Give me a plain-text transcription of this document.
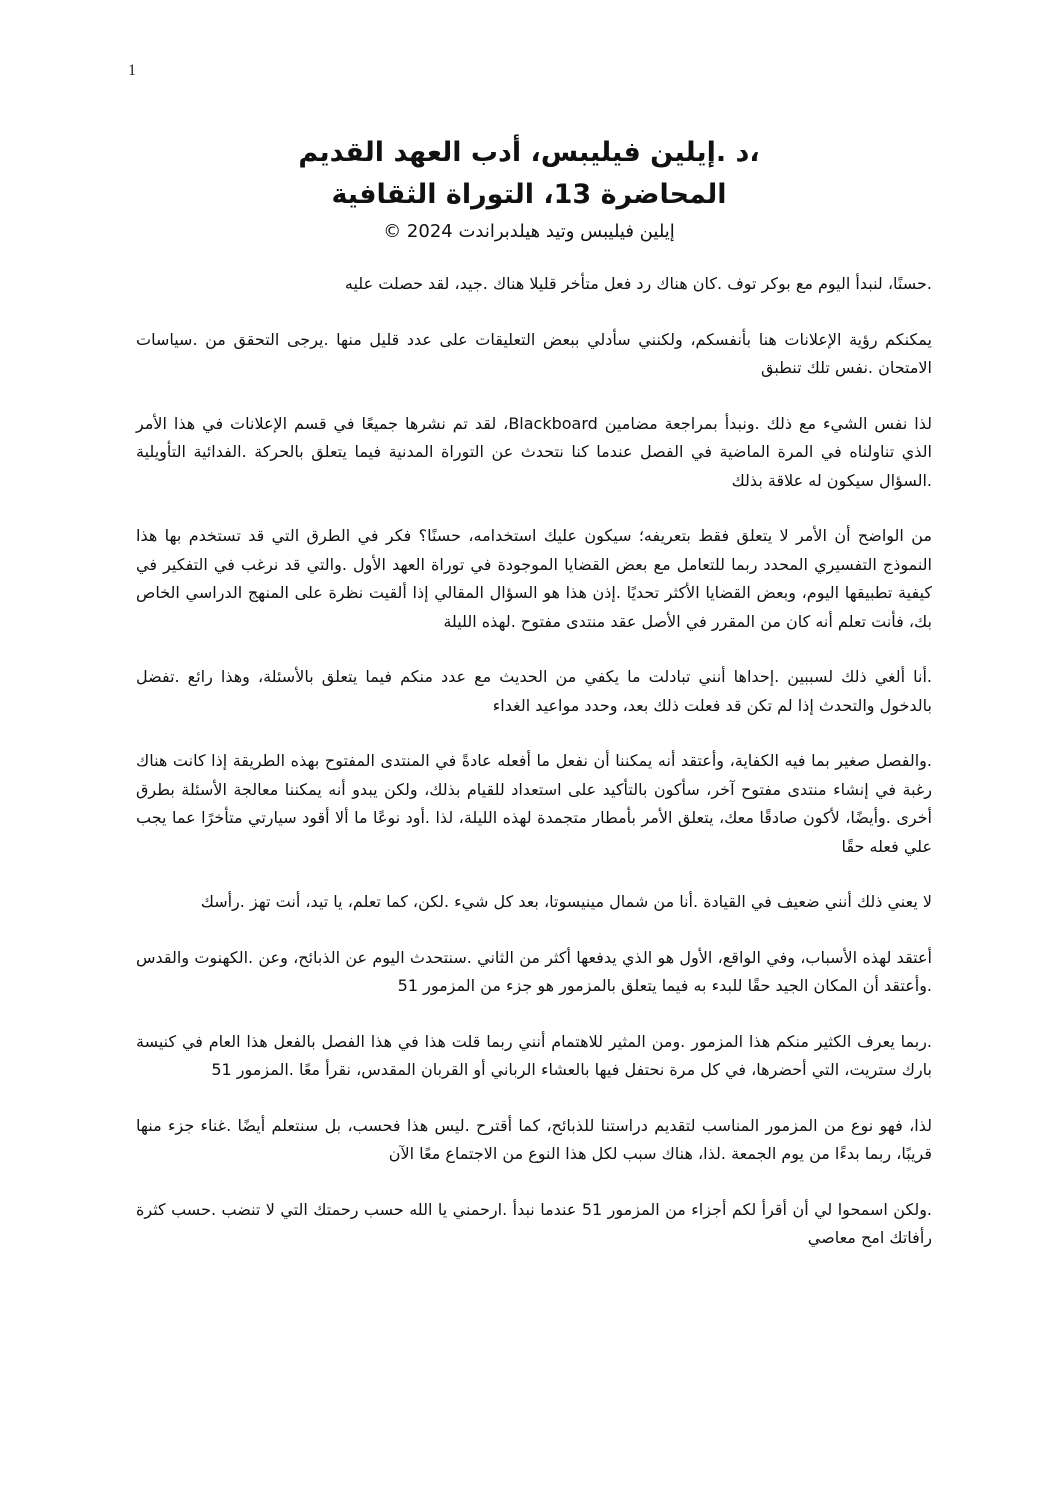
1
،د .إيلين فيليبس، أدب العهد القديم
المحاضرة 13، التوراة الثقافية
إيلين فيليبس وتيد هيلدبراندت 2024 ©

.حسنًا، لنبدأ اليوم مع بوكر توف .كان هناك رد فعل متأخر قليلا هناك .جيد، لقد حصلت عليه

يمكنكم رؤية الإعلانات هنا بأنفسكم، ولكنني سأدلي ببعض التعليقات على عدد قليل منها .يرجى التحقق من .سياسات الامتحان .نفس تلك تنطبق

لذا نفس الشيء مع ذلك .ونبدأ بمراجعة مضامين Blackboard، لقد تم نشرها جميعًا في قسم الإعلانات في هذا الأمر الذي تناولناه في المرة الماضية في الفصل عندما كنا نتحدث عن التوراة المدنية فيما يتعلق بالحركة .الفدائية التأويلية .السؤال سيكون له علاقة بذلك

من الواضح أن الأمر لا يتعلق فقط بتعريفه؛ سيكون عليك استخدامه، حسنًا؟ فكر في الطرق التي قد تستخدم بها هذا النموذج التفسيري المحدد ربما للتعامل مع بعض القضايا الموجودة في توراة العهد الأول .والتي قد نرغب في التفكير في كيفية تطبيقها اليوم، وبعض القضايا الأكثر تحديًا .إذن هذا هو السؤال المقالي إذا ألقيت نظرة على المنهج الدراسي الخاص بك، فأنت تعلم أنه كان من المقرر في الأصل عقد منتدى مفتوح .لهذه الليلة

.أنا ألغي ذلك لسببين .إحداها أنني تبادلت ما يكفي من الحديث مع عدد منكم فيما يتعلق بالأسئلة، وهذا رائع .تفضل بالدخول والتحدث إذا لم تكن قد فعلت ذلك بعد، وحدد مواعيد الغداء

.والفصل صغير بما فيه الكفاية، وأعتقد أنه يمكننا أن نفعل ما أفعله عادةً في المنتدى المفتوح بهذه الطريقة إذا كانت هناك رغبة في إنشاء منتدى مفتوح آخر، سأكون بالتأكيد على استعداد للقيام بذلك، ولكن يبدو أنه يمكننا معالجة الأسئلة بطرق أخرى .وأيضًا، لأكون صادقًا معك، يتعلق الأمر بأمطار متجمدة لهذه الليلة، لذا .أود نوعًا ما ألا أقود سيارتي متأخرًا عما يجب علي فعله حقًا

لا يعني ذلك أنني ضعيف في القيادة .أنا من شمال مينيسوتا، بعد كل شيء .لكن، كما تعلم، يا تيد، أنت تهز .رأسك

أعتقد لهذه الأسباب، وفي الواقع، الأول هو الذي يدفعها أكثر من الثاني .سنتحدث اليوم عن الذبائح، وعن .الكهنوت والقدس .وأعتقد أن المكان الجيد حقًا للبدء به فيما يتعلق بالمزمور هو جزء من المزمور 51

.ربما يعرف الكثير منكم هذا المزمور .ومن المثير للاهتمام أنني ربما قلت هذا في هذا الفصل بالفعل هذا العام في كنيسة بارك ستريت، التي أحضرها، في كل مرة نحتفل فيها بالعشاء الرباني أو القربان المقدس، نقرأ معًا .المزمور 51

لذا، فهو نوع من المزمور المناسب لتقديم دراستنا للذبائح، كما أقترح .ليس هذا فحسب، بل سنتعلم أيضًا .غناء جزء منها قريبًا، ربما بدءًا من يوم الجمعة .لذا، هناك سبب لكل هذا النوع من الاجتماع معًا الآن

.ولكن اسمحوا لي أن أقرأ لكم أجزاء من المزمور 51 عندما نبدأ .ارحمني يا الله حسب رحمتك التي لا تنضب .حسب كثرة رأفاتك امح معاصي
